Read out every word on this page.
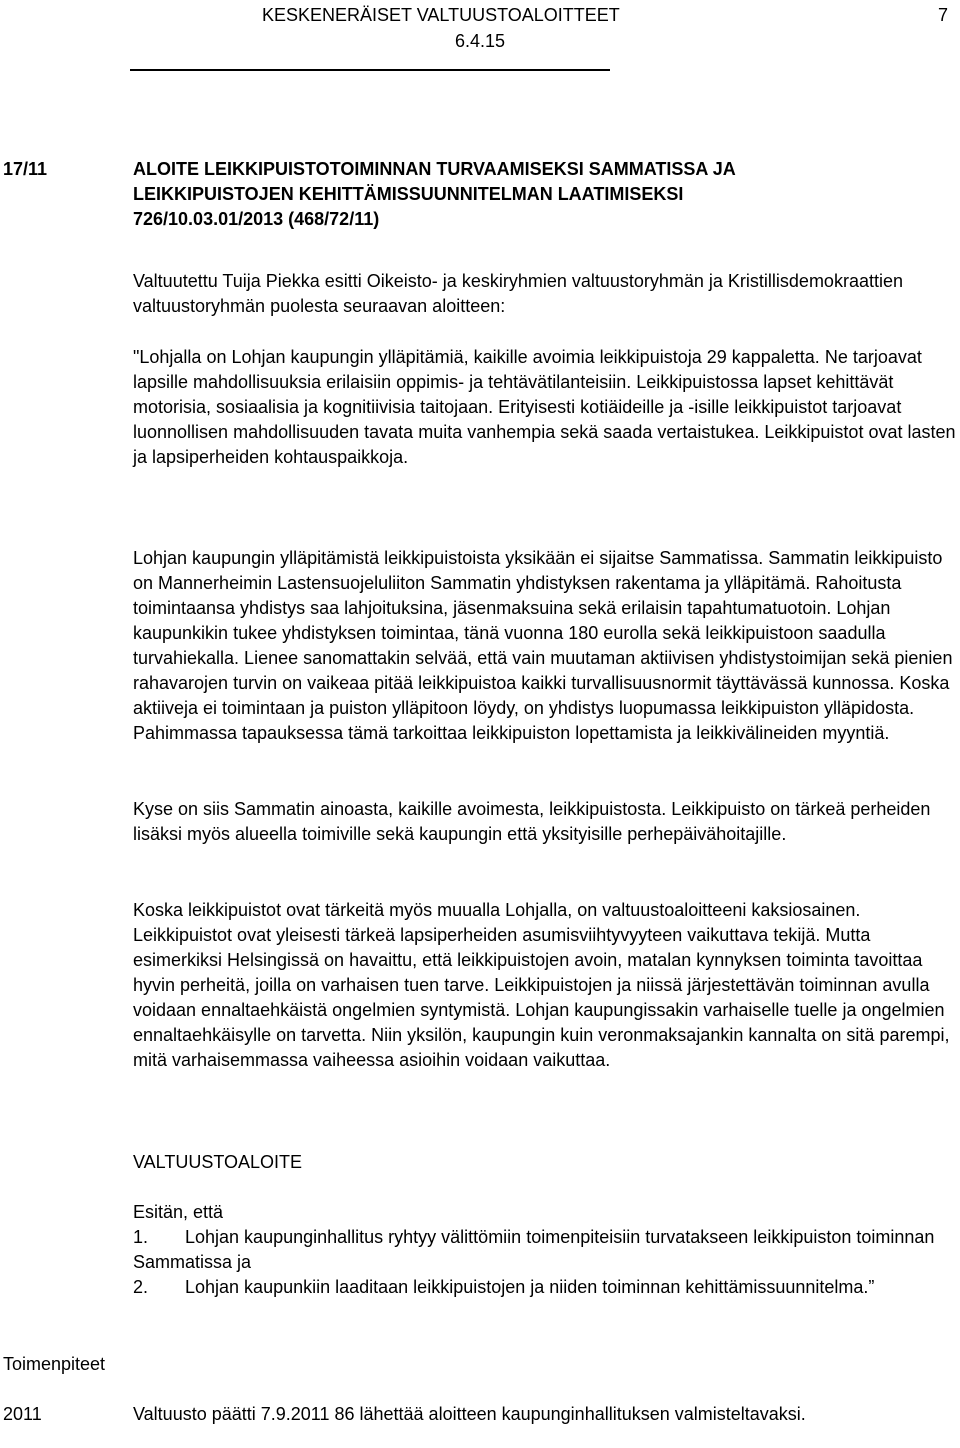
KESKENERÄISET VALTUUSTOALOITTEET	7
6.4.15
17/11	ALOITE LEIKKIPUISTOTOIMINNAN TURVAAMISEKSI SAMMATISSA JA
LEIKKIPUISTOJEN KEHITTÄMISSUUNNITELMAN LAATIMISEKSI
726/10.03.01/2013 (468/72/11)

Valtuutettu Tuija Piekka esitti Oikeisto- ja keskiryhmien valtuustoryhmän ja Kristillisdemokraattien valtuustoryhmän puolesta seuraavan aloitteen:

"Lohjalla on Lohjan kaupungin ylläpitämiä, kaikille avoimia leikkipuistoja 29 kappaletta. Ne tarjoavat lapsille mahdollisuuksia erilaisiin oppimis- ja tehtävätilanteisiin. Leikkipuistossa lapset kehittävät motorisia, sosiaalisia ja kognitiivisia taitojaan. Erityisesti kotiäideille ja -isille leikkipuistot tarjoavat luonnollisen mahdollisuuden tavata muita vanhempia sekä saada vertaistukea. Leikkipuistot ovat lasten ja lapsiperheiden kohtauspaikkoja.

Lohjan kaupungin ylläpitämistä leikkipuistoista yksikään ei sijaitse Sammatissa. Sammatin leikkipuisto on Mannerheimin Lastensuojeluliiton Sammatin yhdistyksen rakentama ja ylläpitämä. Rahoitusta toimintaansa yhdistys saa lahjoituksina, jäsenmaksuina sekä erilaisin tapahtumatuotoin. Lohjan kaupunkikin tukee yhdistyksen toimintaa, tänä vuonna 180 eurolla sekä leikkipuistoon saadulla turvahiekalla. Lienee sanomattakin selvää, että vain muutaman aktiivisen yhdistystoimijan sekä pienien rahavarojen turvin on vaikeaa pitää leikkipuistoa kaikki turvallisuusnormit täyttävässä kunnossa. Koska aktiiveja ei toimintaan ja puiston ylläpitoon löydy, on yhdistys luopumassa leikkipuiston ylläpidosta. Pahimmassa tapauksessa tämä tarkoittaa leikkipuiston lopettamista ja leikkivälineiden myyntiä.

Kyse on siis Sammatin ainoasta, kaikille avoimesta, leikkipuistosta. Leikkipuisto on tärkeä perheiden lisäksi myös alueella toimiville sekä kaupungin että yksityisille perhepäivähoitajille.

Koska leikkipuistot ovat tärkeitä myös muualla Lohjalla, on valtuustoaloitteeni kaksiosainen. Leikkipuistot ovat yleisesti tärkeä lapsiperheiden asumisviihtyvyyteen vaikuttava tekijä. Mutta esimerkiksi Helsingissä on havaittu, että leikkipuistojen avoin, matalan kynnyksen toiminta tavoittaa hyvin perheitä, joilla on varhaisen tuen tarve. Leikkipuistojen ja niissä järjestettävän toiminnan avulla voidaan ennaltaehkäistä ongelmien syntymistä. Lohjan kaupungissakin varhaiselle tuelle ja ongelmien ennaltaehkäisylle on tarvetta. Niin yksilön, kaupungin kuin veronmaksajankin kannalta on sitä parempi, mitä varhaisemmassa vaiheessa asioihin voidaan vaikuttaa.

VALTUUSTOALOITE
Esitän, että
1. Lohjan kaupunginhallitus ryhtyy välittömiin toimenpiteisiin turvatakseen leikkipuiston toiminnan Sammatissa ja
2. Lohjan kaupunkiin laaditaan leikkipuistojen ja niiden toiminnan kehittämissuunnitelma.”
Toimenpiteet
2011	Valtuusto päätti 7.9.2011 86 lähettää aloitteen kaupunginhallituksen valmisteltavaksi.
